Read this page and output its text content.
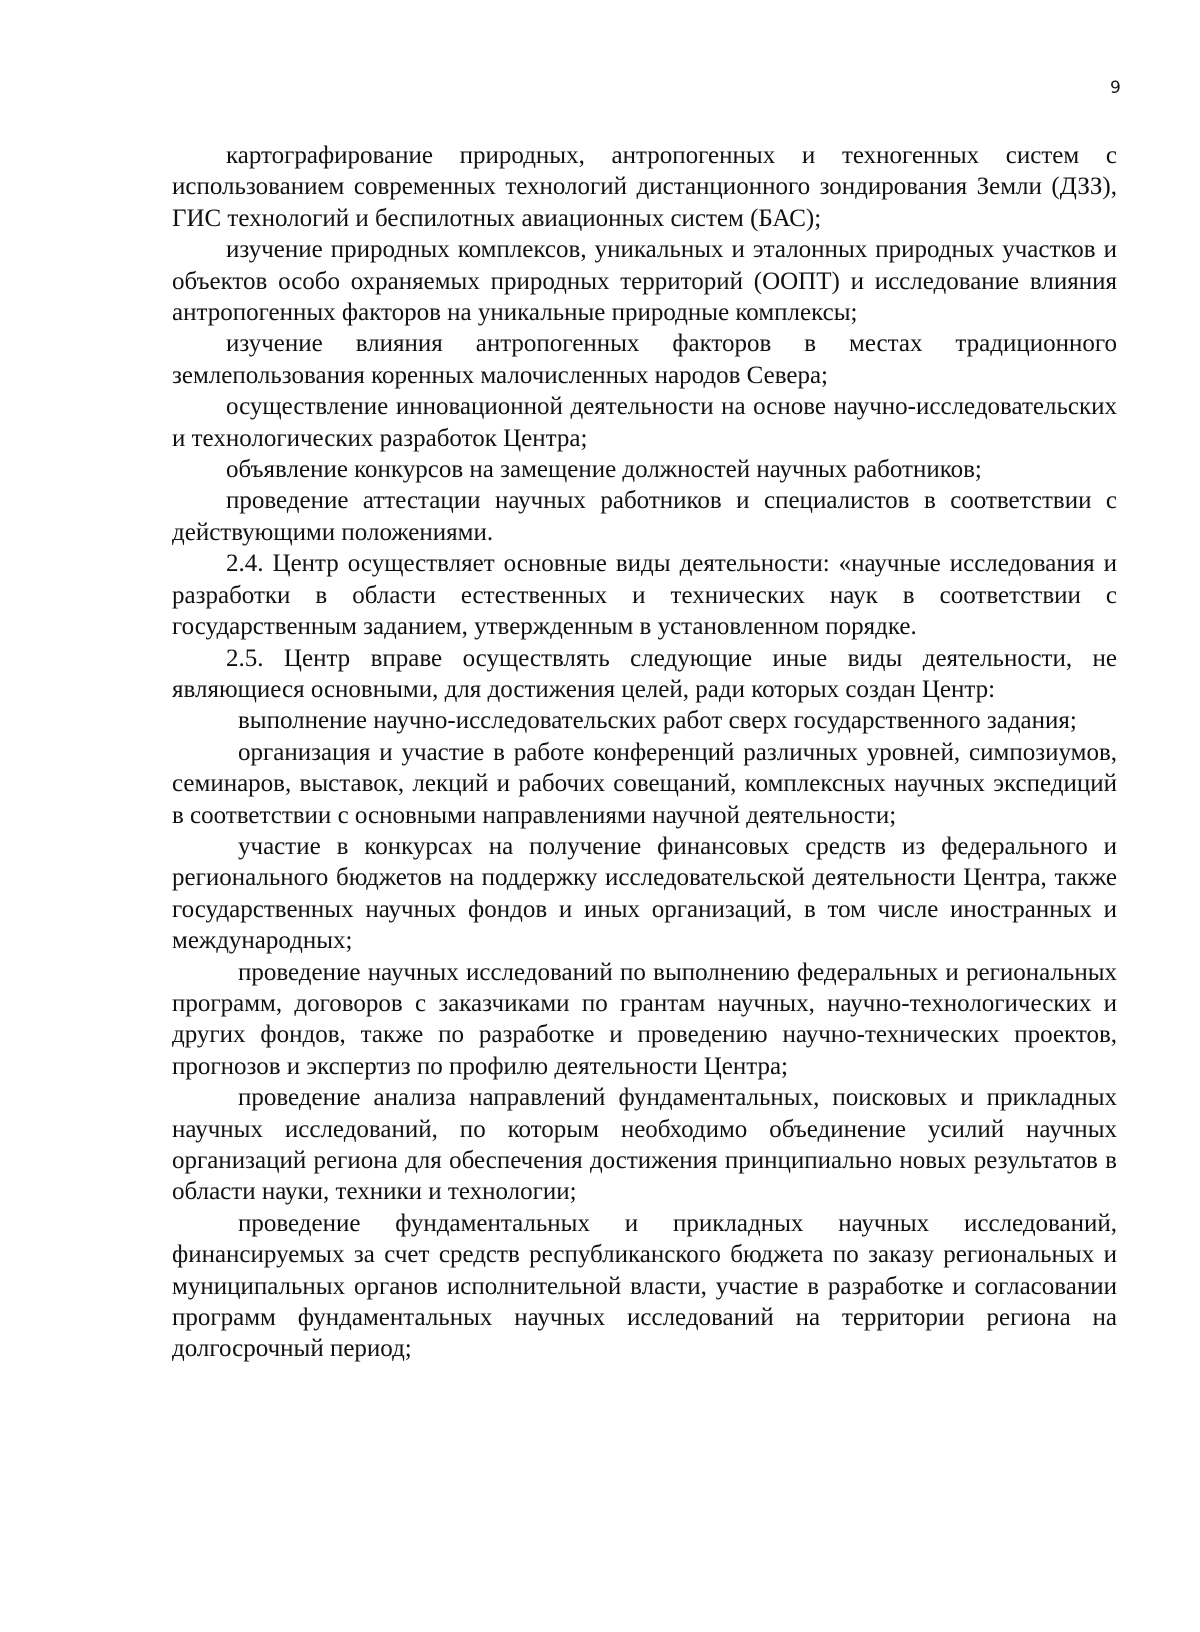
9

картографирование природных, антропогенных и техногенных систем с использованием современных технологий дистанционного зондирования Земли (ДЗЗ), ГИС технологий и беспилотных авиационных систем (БАС);

изучение природных комплексов, уникальных и эталонных природных участков и объектов особо охраняемых природных территорий (ООПТ) и исследование влияния антропогенных факторов на уникальные природные комплексы;

изучение влияния антропогенных факторов в местах традиционного землепользования коренных малочисленных народов Севера;

осуществление инновационной деятельности на основе научно-исследовательских и технологических разработок Центра;

объявление конкурсов на замещение должностей научных работников;

проведение аттестации научных работников и специалистов в соответствии с действующими положениями.

2.4. Центр осуществляет основные виды деятельности: «научные исследования и разработки в области естественных и технических наук в соответствии с государственным заданием, утвержденным в установленном порядке.

2.5. Центр вправе осуществлять следующие иные виды деятельности, не являющиеся основными, для достижения целей, ради которых создан Центр:

выполнение научно-исследовательских работ сверх государственного задания;

организация и участие в работе конференций различных уровней, симпозиумов, семинаров, выставок, лекций и рабочих совещаний, комплексных научных экспедиций в соответствии с основными направлениями научной деятельности;

участие в конкурсах на получение финансовых средств из федерального и регионального бюджетов на поддержку исследовательской деятельности Центра, также государственных научных фондов и иных организаций, в том числе иностранных и международных;

проведение научных исследований по выполнению федеральных и региональных программ, договоров с заказчиками по грантам научных, научно-технологических и других фондов, также по разработке и проведению научно-технических проектов, прогнозов и экспертиз по профилю деятельности Центра;

проведение анализа направлений фундаментальных, поисковых и прикладных научных исследований, по которым необходимо объединение усилий научных организаций региона для обеспечения достижения принципиально новых результатов в области науки, техники и технологии;

проведение фундаментальных и прикладных научных исследований, финансируемых за счет средств республиканского бюджета по заказу региональных и муниципальных органов исполнительной власти, участие в разработке и согласовании программ фундаментальных научных исследований на территории региона на долгосрочный период;
